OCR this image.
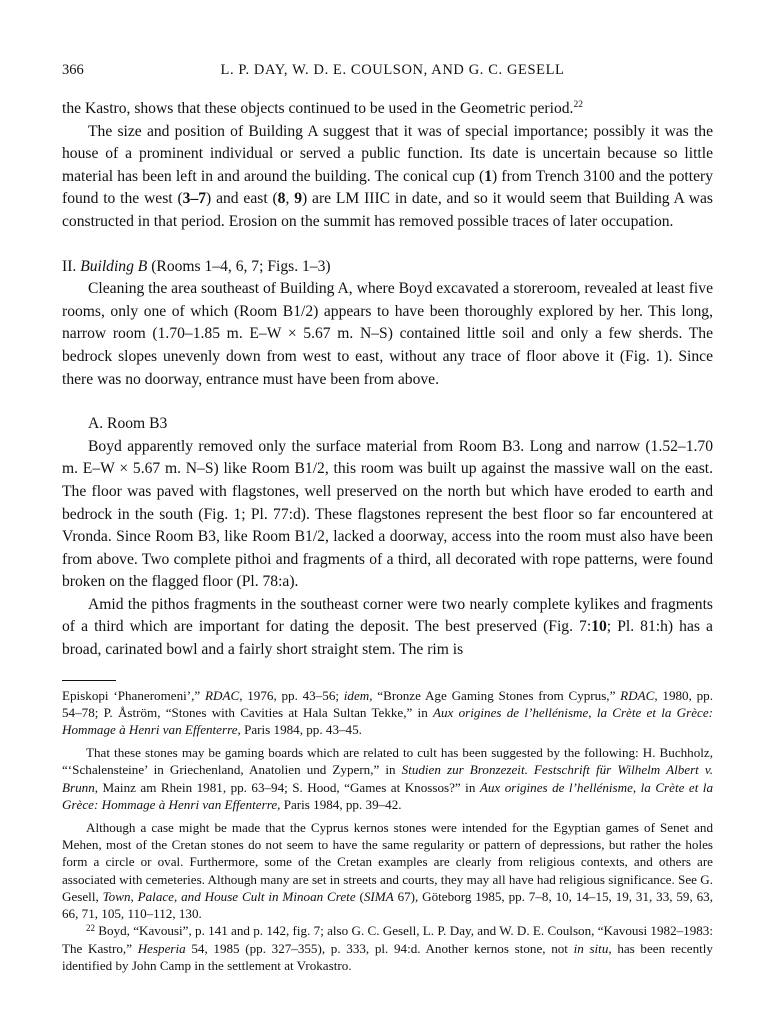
366	L. P. DAY, W. D. E. COULSON, AND G. C. GESELL

the Kastro, shows that these objects continued to be used in the Geometric period.$^{22}$

The size and position of Building A suggest that it was of special importance; possibly it was the house of a prominent individual or served a public function. Its date is uncertain because so little material has been left in and around the building. The conical cup (1) from Trench 3100 and the pottery found to the west (3–7) and east (8, 9) are LM IIIC in date, and so it would seem that Building A was constructed in that period. Erosion on the summit has removed possible traces of later occupation.

II. Building B (Rooms 1–4, 6, 7; Figs. 1–3)

Cleaning the area southeast of Building A, where Boyd excavated a storeroom, revealed at least five rooms, only one of which (Room B1/2) appears to have been thoroughly explored by her. This long, narrow room (1.70–1.85 m. E–W × 5.67 m. N–S) contained little soil and only a few sherds. The bedrock slopes unevenly down from west to east, without any trace of floor above it (Fig. 1). Since there was no doorway, entrance must have been from above.

A. Room B3

Boyd apparently removed only the surface material from Room B3. Long and narrow (1.52–1.70 m. E–W × 5.67 m. N–S) like Room B1/2, this room was built up against the massive wall on the east. The floor was paved with flagstones, well preserved on the north but which have eroded to earth and bedrock in the south (Fig. 1; Pl. 77:d). These flagstones represent the best floor so far encountered at Vronda. Since Room B3, like Room B1/2, lacked a doorway, access into the room must also have been from above. Two complete pithoi and fragments of a third, all decorated with rope patterns, were found broken on the flagged floor (Pl. 78:a).

Amid the pithos fragments in the southeast corner were two nearly complete kylikes and fragments of a third which are important for dating the deposit. The best preserved (Fig. 7:10; Pl. 81:h) has a broad, carinated bowl and a fairly short straight stem. The rim is

Episkopi ‘Phaneromeni’,” RDAC, 1976, pp. 43–56; idem, “Bronze Age Gaming Stones from Cyprus,” RDAC, 1980, pp. 54–78; P. Åström, “Stones with Cavities at Hala Sultan Tekke,” in Aux origines de l’hellénisme, la Crète et la Grèce: Hommage à Henri van Effenterre, Paris 1984, pp. 43–45.

That these stones may be gaming boards which are related to cult has been suggested by the following: H. Buchholz, “‘Schalensteine’ in Griechenland, Anatolien und Zypern,” in Studien zur Bronzezeit. Festschrift für Wilhelm Albert v. Brunn, Mainz am Rhein 1981, pp. 63–94; S. Hood, “Games at Knossos?” in Aux origines de l’hellénisme, la Crète et la Grèce: Hommage à Henri van Effenterre, Paris 1984, pp. 39–42.

Although a case might be made that the Cyprus kernos stones were intended for the Egyptian games of Senet and Mehen, most of the Cretan stones do not seem to have the same regularity or pattern of depressions, but rather the holes form a circle or oval. Furthermore, some of the Cretan examples are clearly from religious contexts, and others are associated with cemeteries. Although many are set in streets and courts, they may all have had religious significance. See G. Gesell, Town, Palace, and House Cult in Minoan Crete (SIMA 67), Göteborg 1985, pp. 7–8, 10, 14–15, 19, 31, 33, 59, 63, 66, 71, 105, 110–112, 130.

$^{22}$ Boyd, “Kavousi”, p. 141 and p. 142, fig. 7; also G. C. Gesell, L. P. Day, and W. D. E. Coulson, “Kavousi 1982–1983: The Kastro,” Hesperia 54, 1985 (pp. 327–355), p. 333, pl. 94:d. Another kernos stone, not in situ, has been recently identified by John Camp in the settlement at Vrokastro.
